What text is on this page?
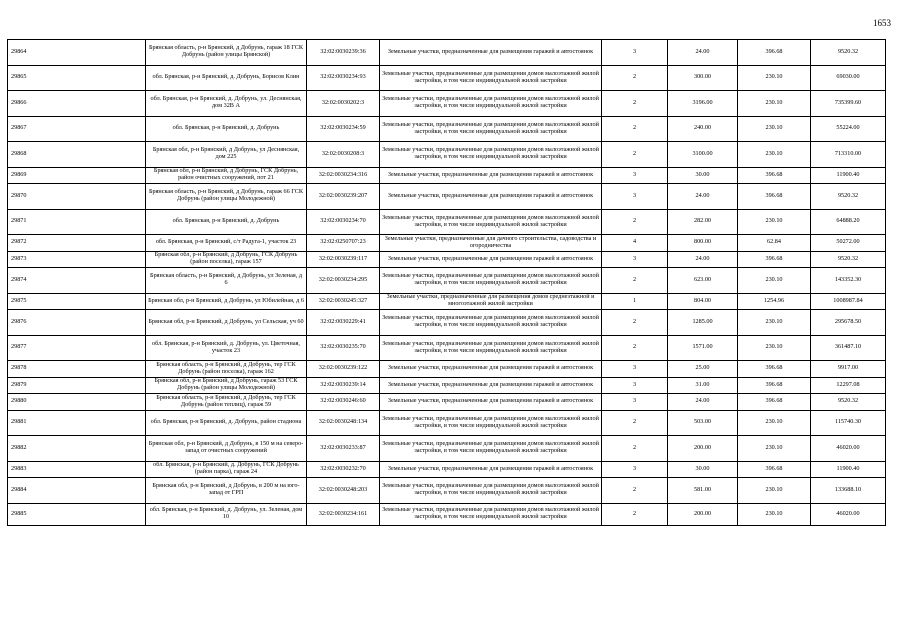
1653
29864	Брянская область, р-н Брянский, д Добрунь, гараж 18 ГСК Добрунь (район улицы Брянской)	32:02:0030239:36	Земельные участки, предназначенные для размещения гаражей и автостоянок	3	24.00	396.68	9520.32
29865	обл. Брянская, р-н Брянский, д. Добрунь, Борисов Клин	32:02:0030234:93	Земельные участки, предназначенные для размещения домов малоэтажной жилой застройки, в том числе индивидуальной жилой застройки	2	300.00	230.10	69030.00
29866	обл. Брянская, р-н Брянский, д. Добрунь, ул. Деснянская, дом 32В А	32:02:0030202:3	Земельные участки, предназначенные для размещения домов малоэтажной жилой застройки, в том числе индивидуальной жилой застройки	2	3196.00	230.10	735399.60
29867	обл. Брянская, р-н Брянский, д. Добрунь	32:02:0030234:59	Земельные участки, предназначенные для размещения домов малоэтажной жилой застройки, в том числе индивидуальной жилой застройки	2	240.00	230.10	55224.00
29868	Брянская обл, р-н Брянский, д Добрунь, ул Деснянская, дом 225	32:02:0030208:3	Земельные участки, предназначенные для размещения домов малоэтажной жилой застройки, в том числе индивидуальной жилой застройки	2	3100.00	230.10	713310.00
29869	Брянская обл, р-н Брянский, д Добрунь, ГСК Добрунь, район очистных сооружений, пот 21	32:02:0030234:316	Земельные участки, предназначенные для размещения гаражей и автостоянок	3	30.00	396.68	11900.40
29870	Брянская область, р-н Брянский, д Добрунь, гараж 66 ГСК Добрунь (район улицы Молодежной)	32:02:0030239:207	Земельные участки, предназначенные для размещения гаражей и автостоянок	3	24.00	396.68	9520.32
29871	обл. Брянская, р-н Брянский, д. Добрунь	32:02:0030234:70	Земельные участки, предназначенные для размещения домов малоэтажной жилой застройки, в том числе индивидуальной жилой застройки	2	282.00	230.10	64888.20
29872	обл. Брянская, р-н Брянский, с/т Радуга-1, участок 23	32:02:0250707:23	Земельные участки, предназначенные для дачного строительства, садоводства и огородничества	4	800.00	62.84	50272.00
29873	Брянская обл, р-н Брянский, д Добрунь, ГСК Добрунь (район поселка), гараж 157	32:02:0030239:117	Земельные участки, предназначенные для размещения гаражей и автостоянок	3	24.00	396.68	9520.32
29874	Брянская область, р-н Брянский, д Добрунь, ул Зеленая, д 6	32:02:0030234:295	Земельные участки, предназначенные для размещения домов малоэтажной жилой застройки, в том числе индивидуальной жилой застройки	2	623.00	230.10	143352.30
29875	Брянская обл, р-н Брянский, д Добрунь, ул Юбилейная, д 6	32:02:0030245:327	Земельные участки, предназначенные для размещения домов среднеэтажной и многоэтажной жилой застройки	1	804.00	1254.96	1008987.84
29876	Брянская обл, р-н Брянский, д Добрунь, ул Сельская, уч 60	32:02:0030229:41	Земельные участки, предназначенные для размещения домов малоэтажной жилой застройки, в том числе индивидуальной жилой застройки	2	1285.00	230.10	295678.50
29877	обл. Брянская, р-н Брянский, д. Добрунь, ул. Цветочная, участок 23	32:02:0030235:70	Земельные участки, предназначенные для размещения домов малоэтажной жилой застройки, в том числе индивидуальной жилой застройки	2	1571.00	230.10	361487.10
29878	Брянская область, р-н Брянский, д Добрунь, тер ГСК Добрунь (район поселка), гараж 162	32:02:0030239:122	Земельные участки, предназначенные для размещения гаражей и автостоянок	3	25.00	396.68	9917.00
29879	Брянская обл, р-н Брянский, д Добрунь, гараж 53 ГСК Добрунь (район улицы Молодежной)	32:02:0030239:14	Земельные участки, предназначенные для размещения гаражей и автостоянок	3	31.00	396.68	12297.08
29880	Брянская область, р-н Брянский, д Добрунь, тер ГСК Добрунь (район теплиц), гараж 59	32:02:0030246:60	Земельные участки, предназначенные для размещения гаражей и автостоянок	3	24.00	396.68	9520.32
29881	обл. Брянская, р-н Брянский, д. Добрунь, район стадиона	32:02:0030248:134	Земельные участки, предназначенные для размещения домов малоэтажной жилой застройки, в том числе индивидуальной жилой застройки	2	503.00	230.10	115740.30
29882	Брянская обл, р-н Брянский, д Добрунь, в 150 м на северо-запад от очистных сооружений	32:02:0030233:87	Земельные участки, предназначенные для размещения домов малоэтажной жилой застройки, в том числе индивидуальной жилой застройки	2	200.00	230.10	46020.00
29883	обл. Брянская, р-н Брянский, д. Добрунь, ГСК Добрунь (район парка), гараж 24	32:02:0030232:70	Земельные участки, предназначенные для размещения гаражей и автостоянок	3	30.00	396.68	11900.40
29884	Брянская обл, р-н Брянский, д Добрунь, в 200 м на юго-запад от ГРП	32:02:0030248:203	Земельные участки, предназначенные для размещения домов малоэтажной жилой застройки, в том числе индивидуальной жилой застройки	2	581.00	230.10	133688.10
29885	обл. Брянская, р-н Брянский, д. Добрунь, ул. Зеленая, дом 10	32:02:0030234:161	Земельные участки, предназначенные для размещения домов малоэтажной жилой застройки, в том числе индивидуальной жилой застройки	2	200.00	230.10	46020.00
